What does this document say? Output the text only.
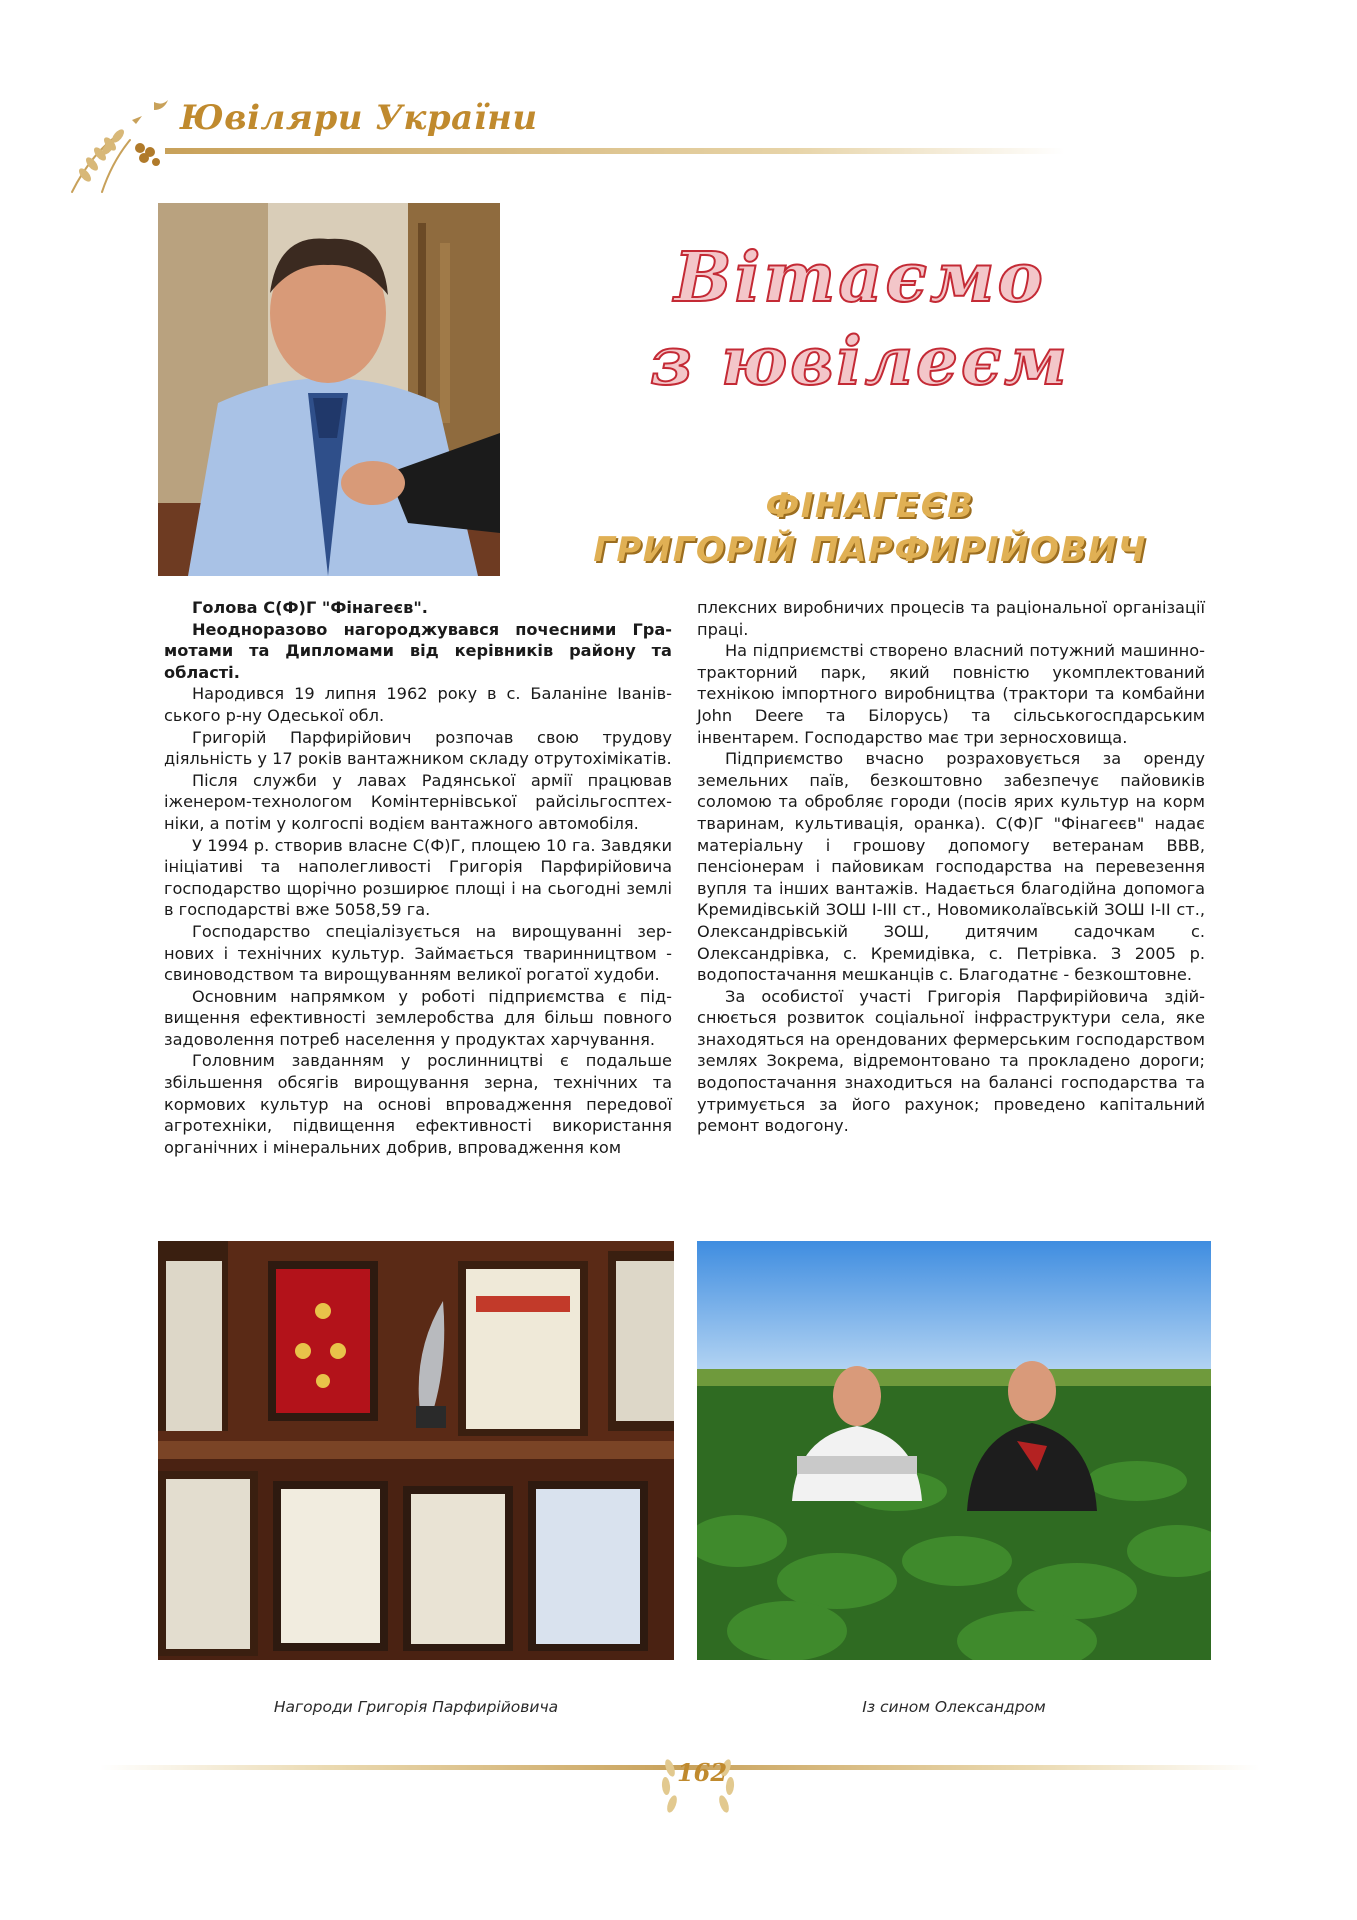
Ювіляри України
Вітаємо
з ювілеєм
ФІНАГЕЄВ
ГРИГОРІЙ ПАРФИРІЙОВИЧ

Голова С(Ф)Г "Фінагеєв".

Неодноразово нагороджувався почесними Грамотами та Дипломами від керівників району та області.

Народився 19 липня 1962 року в с. Баланіне Іванівського р-ну Одеської обл.

Григорій Парфирійович розпочав свою трудову діяльність у 17 років вантажником складу отрутохімікатів.

Після служби у лавах Радянської армії працював іженером-технологом Комінтернівської райсільгосптехніки, а потім у колгоспі водієм вантажного автомобіля.

У 1994 р. створив власне С(Ф)Г, площею 10 га. Завдяки ініціативі та наполегливості Григорія Парфирійовича господарство щорічно розширює площі і на сьогодні землі в господарстві вже 5058,59 га.

Господарство спеціалізується на вирощуванні зернових і технічних культур. Займається тваринництвом - свиноводством та вирощуванням великої рогатої худоби.

Основним напрямком у роботі підприємства є підвищення ефективності землеробства для більш повного задоволення потреб населення у продуктах харчування.

Головним завданням у рослинництві є подальше збільшення обсягів вирощування зерна, технічних та кормових культур на основі впровадження передової агротехніки, підвищення ефективності використання органічних і мінеральних добрив, впровадження ком

плексних виробничих процесів та раціональної організації праці.

На підприємстві створено власний потужний машинно-тракторний парк, який повністю укомплектований технікою імпортного виробництва (трактори та комбайни John Deere та Білорусь) та сільськогоспдарським інвентарем. Господарство має три зерносховища.

Підприємство вчасно розраховується за оренду земельних паїв, безкоштовно забезпечує пайовиків соломою та обробляє городи (посів ярих культур на корм тваринам, культивація, оранка). С(Ф)Г "Фінагеєв" надає матеріальну і грошову допомогу ветеранам ВВВ, пенсіонерам і пайовикам господарства на перевезення вупля та інших вантажів. Надається благодійна допомога Кремидівській ЗОШ І-ІІІ ст., Новомиколаївській ЗОШ І-ІІ ст., Олександрівській ЗОШ, дитячим садочкам с. Олександрівка, с. Кремидівка, с. Петрівка. З 2005 р. водопостачання мешканців с. Благодатнє - безкоштовне.

За особистої участі Григорія Парфирійовича здійснюється розвиток соціальної інфраструктури села, яке знаходяться на орендованих фермерським господарством землях Зокрема, відремонтовано та прокладено дороги; водопостачання знаходиться на балансі господарства та утримується за його рахунок; проведено капітальний ремонт водогону.

Нагороди Григорія Парфирійовича	Із сином Олександром

162
